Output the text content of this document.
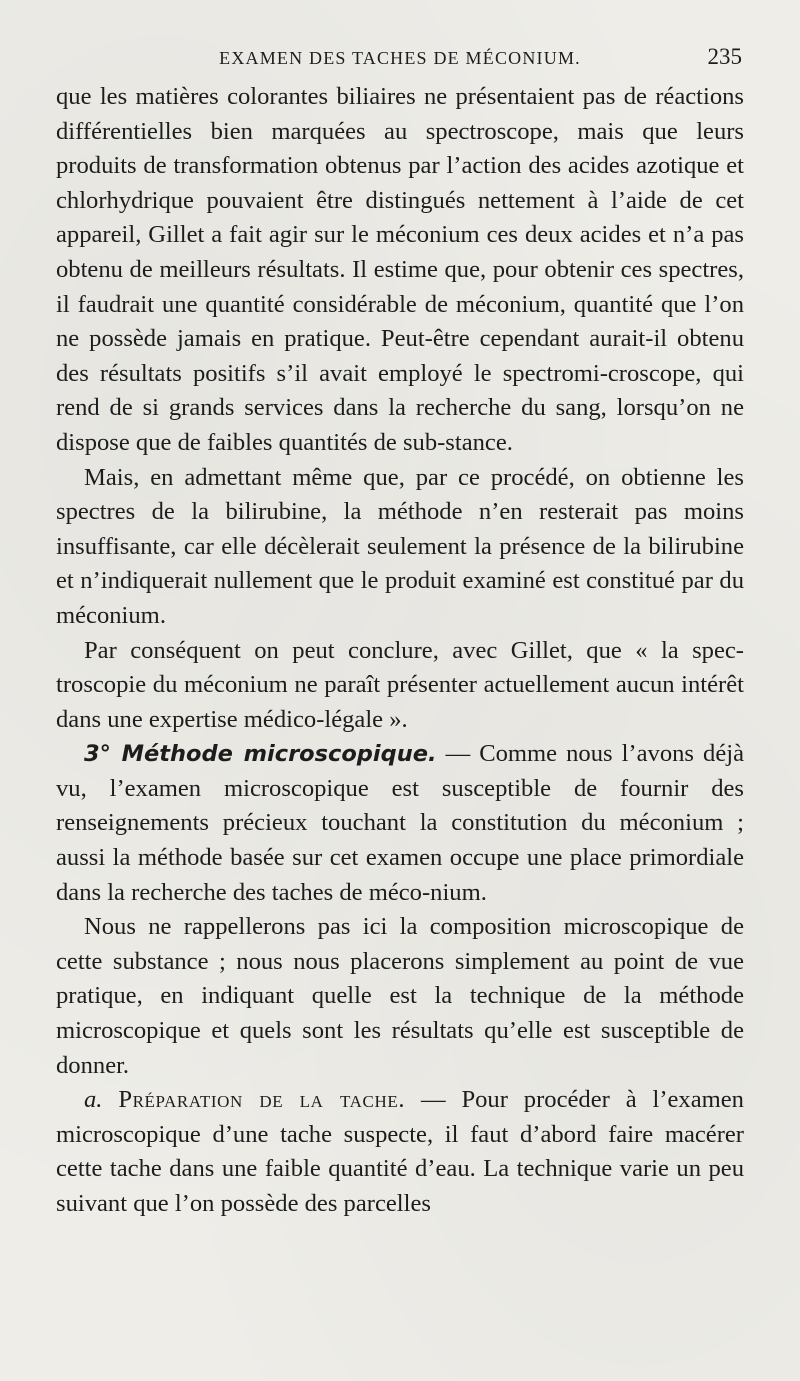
EXAMEN DES TACHES DE MÉCONIUM.	235

que les matières colorantes biliaires ne présentaient pas de réactions différentielles bien marquées au spectroscope, mais que leurs produits de transformation obtenus par l’action des acides azotique et chlorhydrique pouvaient être distingués nettement à l’aide de cet appareil, Gillet a fait agir sur le méconium ces deux acides et n’a pas obtenu de meilleurs résultats. Il estime que, pour obtenir ces spectres, il faudrait une quantité considérable de méconium, quantité que l’on ne possède jamais en pratique. Peut-être cependant aurait-il obtenu des résultats positifs s’il avait employé le spectromi-croscope, qui rend de si grands services dans la recherche du sang, lorsqu’on ne dispose que de faibles quantités de sub-stance.

Mais, en admettant même que, par ce procédé, on obtienne les spectres de la bilirubine, la méthode n’en resterait pas moins insuffisante, car elle décèlerait seulement la présence de la bilirubine et n’indiquerait nullement que le produit examiné est constitué par du méconium.

Par conséquent on peut conclure, avec Gillet, que « la spec-troscopie du méconium ne paraît présenter actuellement aucun intérêt dans une expertise médico-légale ».

3° Méthode microscopique. — Comme nous l’avons déjà vu, l’examen microscopique est susceptible de fournir des renseignements précieux touchant la constitution du méconium ; aussi la méthode basée sur cet examen occupe une place primordiale dans la recherche des taches de méco-nium.

Nous ne rappellerons pas ici la composition microscopique de cette substance ; nous nous placerons simplement au point de vue pratique, en indiquant quelle est la technique de la méthode microscopique et quels sont les résultats qu’elle est susceptible de donner.

a. Préparation de la tache. — Pour procéder à l’examen microscopique d’une tache suspecte, il faut d’abord faire macérer cette tache dans une faible quantité d’eau. La technique varie un peu suivant que l’on possède des parcelles
